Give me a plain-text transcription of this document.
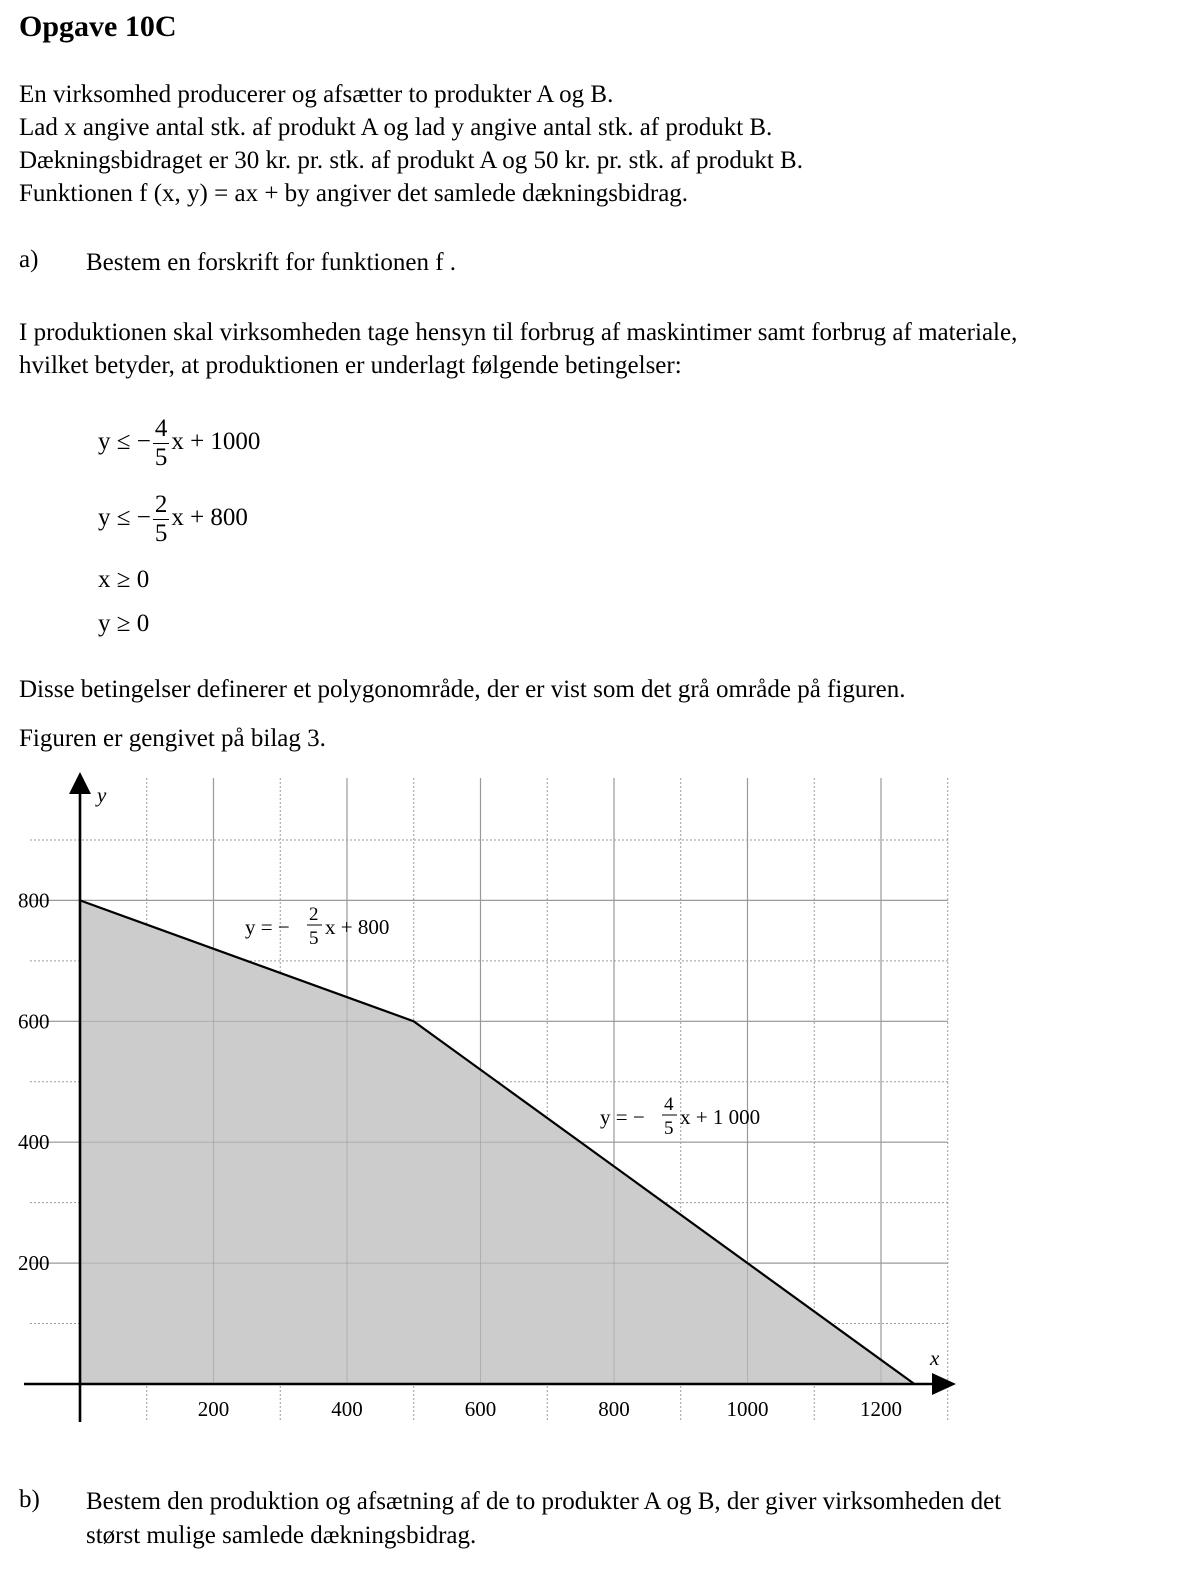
Opgave 10C
En virksomhed producerer og afsætter to produkter A og B.
Lad x angive antal stk. af produkt A og lad y angive antal stk. af produkt B.
Dækningsbidraget er 30 kr. pr. stk. af produkt A og 50 kr. pr. stk. af produkt B.
Funktionen f (x, y) = ax + by angiver det samlede dækningsbidrag.
a) Bestem en forskrift for funktionen f .
I produktionen skal virksomheden tage hensyn til forbrug af maskintimer samt forbrug af materiale,
hvilket betyder, at produktionen er underlagt følgende betingelser:
y ≤ − $\frac{4}{5}$ x + 1000
y ≤ − $\frac{2}{5}$ x + 800
x ≥ 0
y ≥ 0
Disse betingelser definerer et polygonområde, der er vist som det grå område på figuren.
Figuren er gengivet på bilag 3.
x
y
200	400	600	800	1000	1200
200
400
600
800
y = −
2
5 x + 800
y = −
4
5 x + 1 000
b) Bestem den produktion og afsætning af de to produkter A og B, der giver virksomheden det
størst mulige samlede dækningsbidrag.
